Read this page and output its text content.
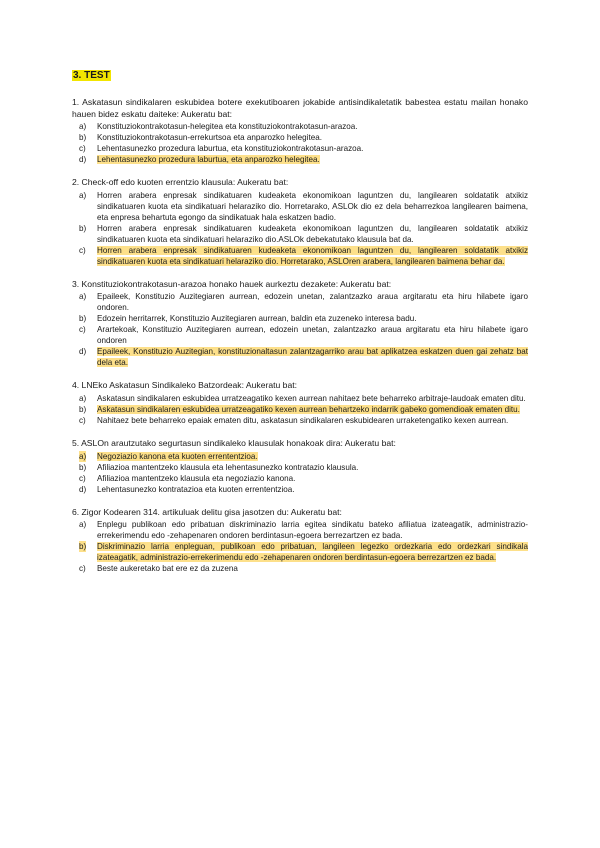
3. TEST
1. Askatasun sindikalaren eskubidea botere exekutiboaren jokabide antisindikaletatik babestea estatu mailan honako hauen bidez eskatu daiteke: Aukeratu bat:
a) Konstituziokontrakotasun-helegitea eta konstituziokontrakotasun-arazoa.
b) Konstituziokontrakotasun-errekurtsoa eta anparozko helegitea.
c) Lehentasunezko prozedura laburtua, eta konstituziokontrakotasun-arazoa.
d) Lehentasunezko prozedura laburtua, eta anparozko helegitea.
2. Check-off edo kuoten errentzio klausula: Aukeratu bat:
a) Horren arabera enpresak sindikatuaren kudeaketa ekonomikoan laguntzen du, langilearen soldatatik atxikiz sindikatuaren kuota eta sindikatuari helaraziko dio. Horretarako, ASLOk dio ez dela beharrezkoa langilearen baimena, eta enpresa behartuta egongo da sindikatuak hala eskatzen badio.
b) Horren arabera enpresak sindikatuaren kudeaketa ekonomikoan laguntzen du, langilearen soldatatik atxikiz sindikatuaren kuota eta sindikatuari helaraziko dio.ASLOk debekatutako klausula bat da.
c) Horren arabera enpresak sindikatuaren kudeaketa ekonomikoan laguntzen du, langilearen soldatatik atxikiz sindikatuaren kuota eta sindikatuari helaraziko dio. Horretarako, ASLOren arabera, langilearen baimena behar da.
3. Konstituziokontrakotasun-arazoa honako hauek aurkeztu dezakete: Aukeratu bat:
a) Epaileek, Konstituzio Auzitegiaren aurrean, edozein unetan, zalantzazko araua argitaratu eta hiru hilabete igaro ondoren.
b) Edozein herritarrek, Konstituzio Auzitegiaren aurrean, baldin eta zuzeneko interesa badu.
c) Arartekoak, Konstituzio Auzitegiaren aurrean, edozein unetan, zalantzazko araua argitaratu eta hiru hilabete igaro ondoren
d) Epaileek, Konstituzio Auzitegian, konstituzionaltasun zalantzagarriko arau bat aplikatzea eskatzen duen gai zehatz bat dela eta.
4. LNEko Askatasun Sindikaleko Batzordeak: Aukeratu bat:
a) Askatasun sindikalaren eskubidea urratzeagatiko kexen aurrean nahitaez bete beharreko arbitraje-laudoak ematen ditu.
b) Askatasun sindikalaren eskubidea urratzeagatiko kexen aurrean behartzeko indarrik gabeko gomendioak ematen ditu.
c) Nahitaez bete beharreko epaiak ematen ditu, askatasun sindikalaren eskubidearen urraketengatiko kexen aurrean.
5. ASLOn arautzutako segurtasun sindikaleko klausulak honakoak dira: Aukeratu bat:
a) Negoziazio kanona eta kuoten errententzioa.
b) Afiliazioa mantentzeko klausula eta lehentasunezko kontratazio klausula.
c) Afiliazioa mantentzeko klausula eta negoziazio kanona.
d) Lehentasunezko kontratazioa eta kuoten errententzioa.
6. Zigor Kodearen 314. artikuluak delitu gisa jasotzen du: Aukeratu bat:
a) Enplegu publikoan edo pribatuan diskriminazio larria egitea sindikatu bateko afiliatua izateagatik, administrazio-errekerimendu edo -zehapenaren ondoren berdintasun-egoera berrezartzen ez bada.
b) Diskriminazio larria enpleguan, publikoan edo pribatuan, langileen legezko ordezkaria edo ordezkari sindikala izateagatik, administrazio-errekerimendu edo -zehapenaren ondoren berdintasun-egoera berrezartzen ez bada.
c) Beste aukeretako bat ere ez da zuzena
